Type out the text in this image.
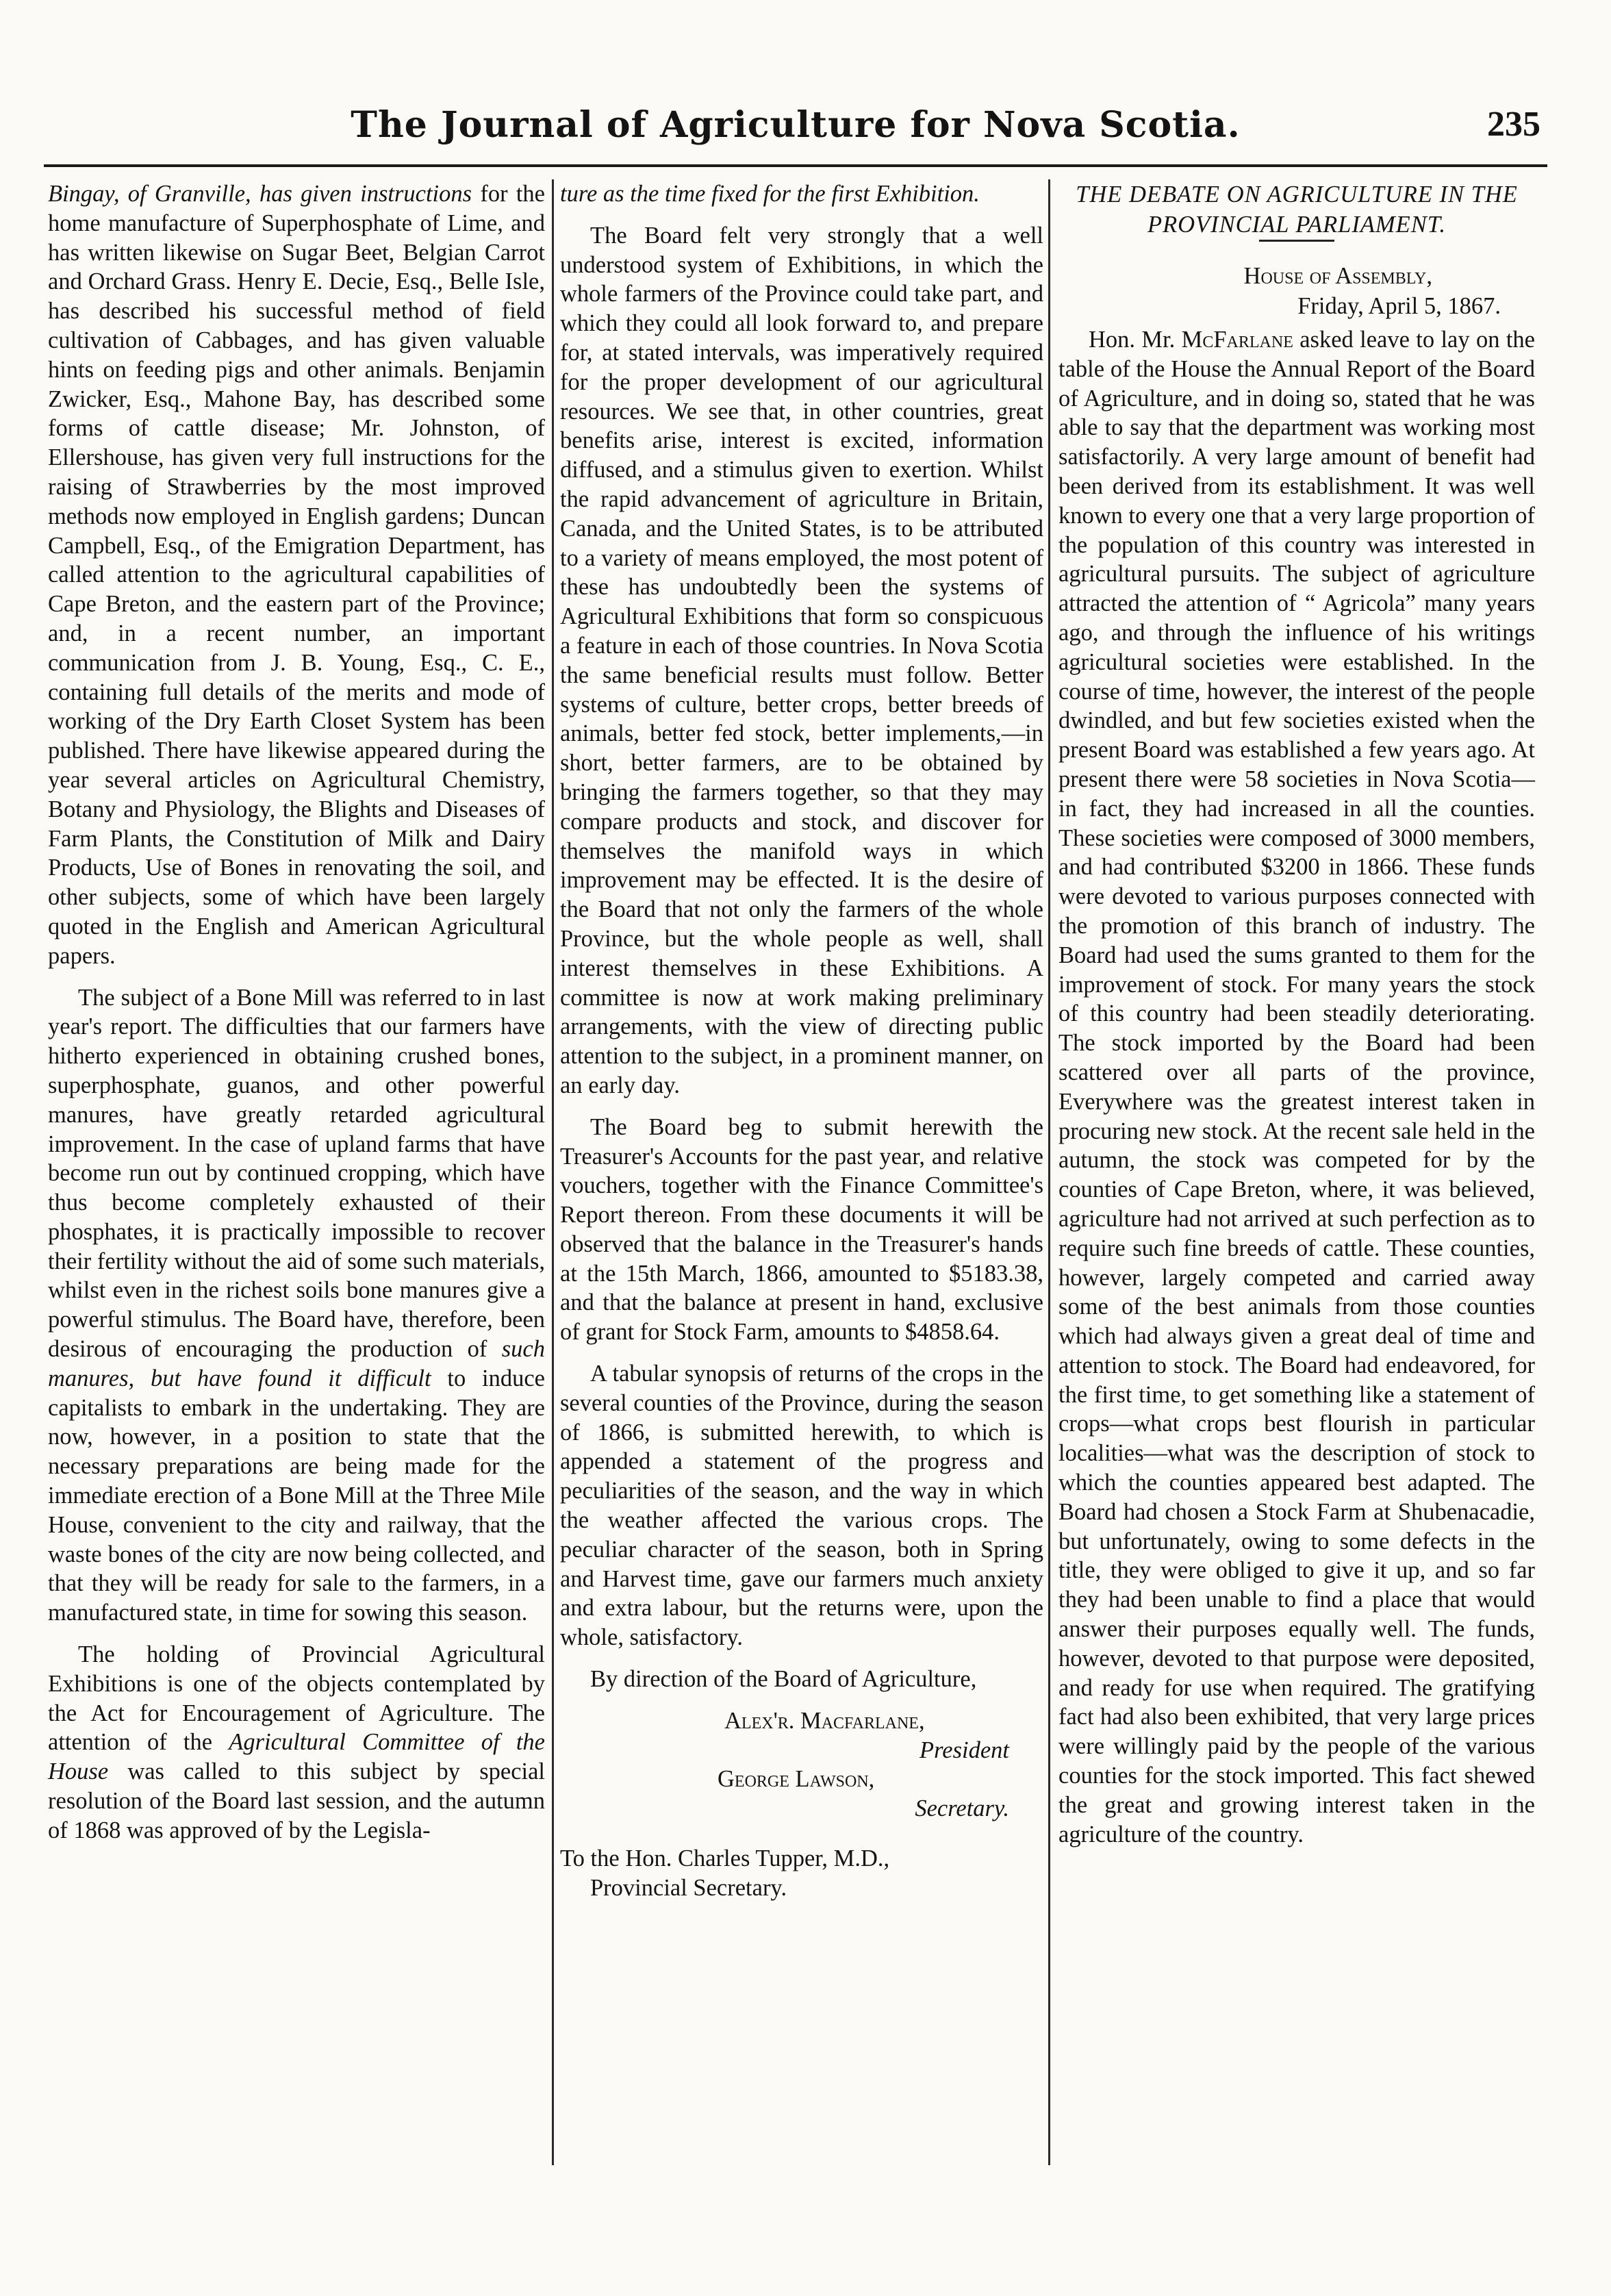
The Journal of Agriculture for Nova Scotia.	235

Bingay, of Granville, has given instructions for the home manufacture of Superphosphate of Lime, and has written likewise on Sugar Beet, Belgian Carrot and Orchard Grass. Henry E. Decie, Esq., Belle Isle, has described his successful method of field cultivation of Cabbages, and has given valuable hints on feeding pigs and other animals. Benjamin Zwicker, Esq., Mahone Bay, has described some forms of cattle disease; Mr. Johnston, of Ellershouse, has given very full instructions for the raising of Strawberries by the most improved methods now employed in English gardens; Duncan Campbell, Esq., of the Emigration Department, has called attention to the agricultural capabilities of Cape Breton, and the eastern part of the Province; and, in a recent number, an important communication from J. B. Young, Esq., C. E., containing full details of the merits and mode of working of the Dry Earth Closet System has been published. There have likewise appeared during the year several articles on Agricultural Chemistry, Botany and Physiology, the Blights and Diseases of Farm Plants, the Constitution of Milk and Dairy Products, Use of Bones in renovating the soil, and other subjects, some of which have been largely quoted in the English and American Agricultural papers.

The subject of a Bone Mill was referred to in last year's report. The difficulties that our farmers have hitherto experienced in obtaining crushed bones, superphosphate, guanos, and other powerful manures, have greatly retarded agricultural improvement. In the case of upland farms that have become run out by continued cropping, which have thus become completely exhausted of their phosphates, it is practically impossible to recover their fertility without the aid of some such materials, whilst even in the richest soils bone manures give a powerful stimulus. The Board have, therefore, been desirous of encouraging the production of such manures, but have found it difficult to induce capitalists to embark in the undertaking. They are now, however, in a position to state that the necessary preparations are being made for the immediate erection of a Bone Mill at the Three Mile House, convenient to the city and railway, that the waste bones of the city are now being collected, and that they will be ready for sale to the farmers, in a manufactured state, in time for sowing this season.

The holding of Provincial Agricultural Exhibitions is one of the objects contemplated by the Act for Encouragement of Agriculture. The attention of the Agricultural Committee of the House was called to this subject by special resolution of the Board last session, and the autumn of 1868 was approved of by the Legisla-

ture as the time fixed for the first Exhibition.

The Board felt very strongly that a well understood system of Exhibitions, in which the whole farmers of the Province could take part, and which they could all look forward to, and prepare for, at stated intervals, was imperatively required for the proper development of our agricultural resources. We see that, in other countries, great benefits arise, interest is excited, information diffused, and a stimulus given to exertion. Whilst the rapid advancement of agriculture in Britain, Canada, and the United States, is to be attributed to a variety of means employed, the most potent of these has undoubtedly been the systems of Agricultural Exhibitions that form so conspicuous a feature in each of those countries. In Nova Scotia the same beneficial results must follow. Better systems of culture, better crops, better breeds of animals, better fed stock, better implements,—in short, better farmers, are to be obtained by bringing the farmers together, so that they may compare products and stock, and discover for themselves the manifold ways in which improvement may be effected. It is the desire of the Board that not only the farmers of the whole Province, but the whole people as well, shall interest themselves in these Exhibitions. A committee is now at work making preliminary arrangements, with the view of directing public attention to the subject, in a prominent manner, on an early day.

The Board beg to submit herewith the Treasurer's Accounts for the past year, and relative vouchers, together with the Finance Committee's Report thereon. From these documents it will be observed that the balance in the Treasurer's hands at the 15th March, 1866, amounted to $5183.38, and that the balance at present in hand, exclusive of grant for Stock Farm, amounts to $4858.64.

A tabular synopsis of returns of the crops in the several counties of the Province, during the season of 1866, is submitted herewith, to which is appended a statement of the progress and peculiarities of the season, and the way in which the weather affected the various crops. The peculiar character of the season, both in Spring and Harvest time, gave our farmers much anxiety and extra labour, but the returns were, upon the whole, satisfactory.

By direction of the Board of Agriculture,

Alex'r. Macfarlane,

President

George Lawson,

Secretary.

To the Hon. Charles Tupper, M.D.,

Provincial Secretary.

THE DEBATE ON AGRICULTURE IN THE PROVINCIAL PARLIAMENT.

House of Assembly,

Friday, April 5, 1867.

Hon. Mr. McFarlane asked leave to lay on the table of the House the Annual Report of the Board of Agriculture, and in doing so, stated that he was able to say that the department was working most satisfactorily. A very large amount of benefit had been derived from its establishment. It was well known to every one that a very large proportion of the population of this country was interested in agricultural pursuits. The subject of agriculture attracted the attention of “ Agricola” many years ago, and through the influence of his writings agricultural societies were established. In the course of time, however, the interest of the people dwindled, and but few societies existed when the present Board was established a few years ago. At present there were 58 societies in Nova Scotia—in fact, they had increased in all the counties. These societies were composed of 3000 members, and had contributed $3200 in 1866. These funds were devoted to various purposes connected with the promotion of this branch of industry. The Board had used the sums granted to them for the improvement of stock. For many years the stock of this country had been steadily deteriorating. The stock imported by the Board had been scattered over all parts of the province, Everywhere was the greatest interest taken in procuring new stock. At the recent sale held in the autumn, the stock was competed for by the counties of Cape Breton, where, it was believed, agriculture had not arrived at such perfection as to require such fine breeds of cattle. These counties, however, largely competed and carried away some of the best animals from those counties which had always given a great deal of time and attention to stock. The Board had endeavored, for the first time, to get something like a statement of crops—what crops best flourish in particular localities—what was the description of stock to which the counties appeared best adapted. The Board had chosen a Stock Farm at Shubenacadie, but unfortunately, owing to some defects in the title, they were obliged to give it up, and so far they had been unable to find a place that would answer their purposes equally well. The funds, however, devoted to that purpose were deposited, and ready for use when required. The gratifying fact had also been exhibited, that very large prices were willingly paid by the people of the various counties for the stock imported. This fact shewed the great and growing interest taken in the agriculture of the country.
